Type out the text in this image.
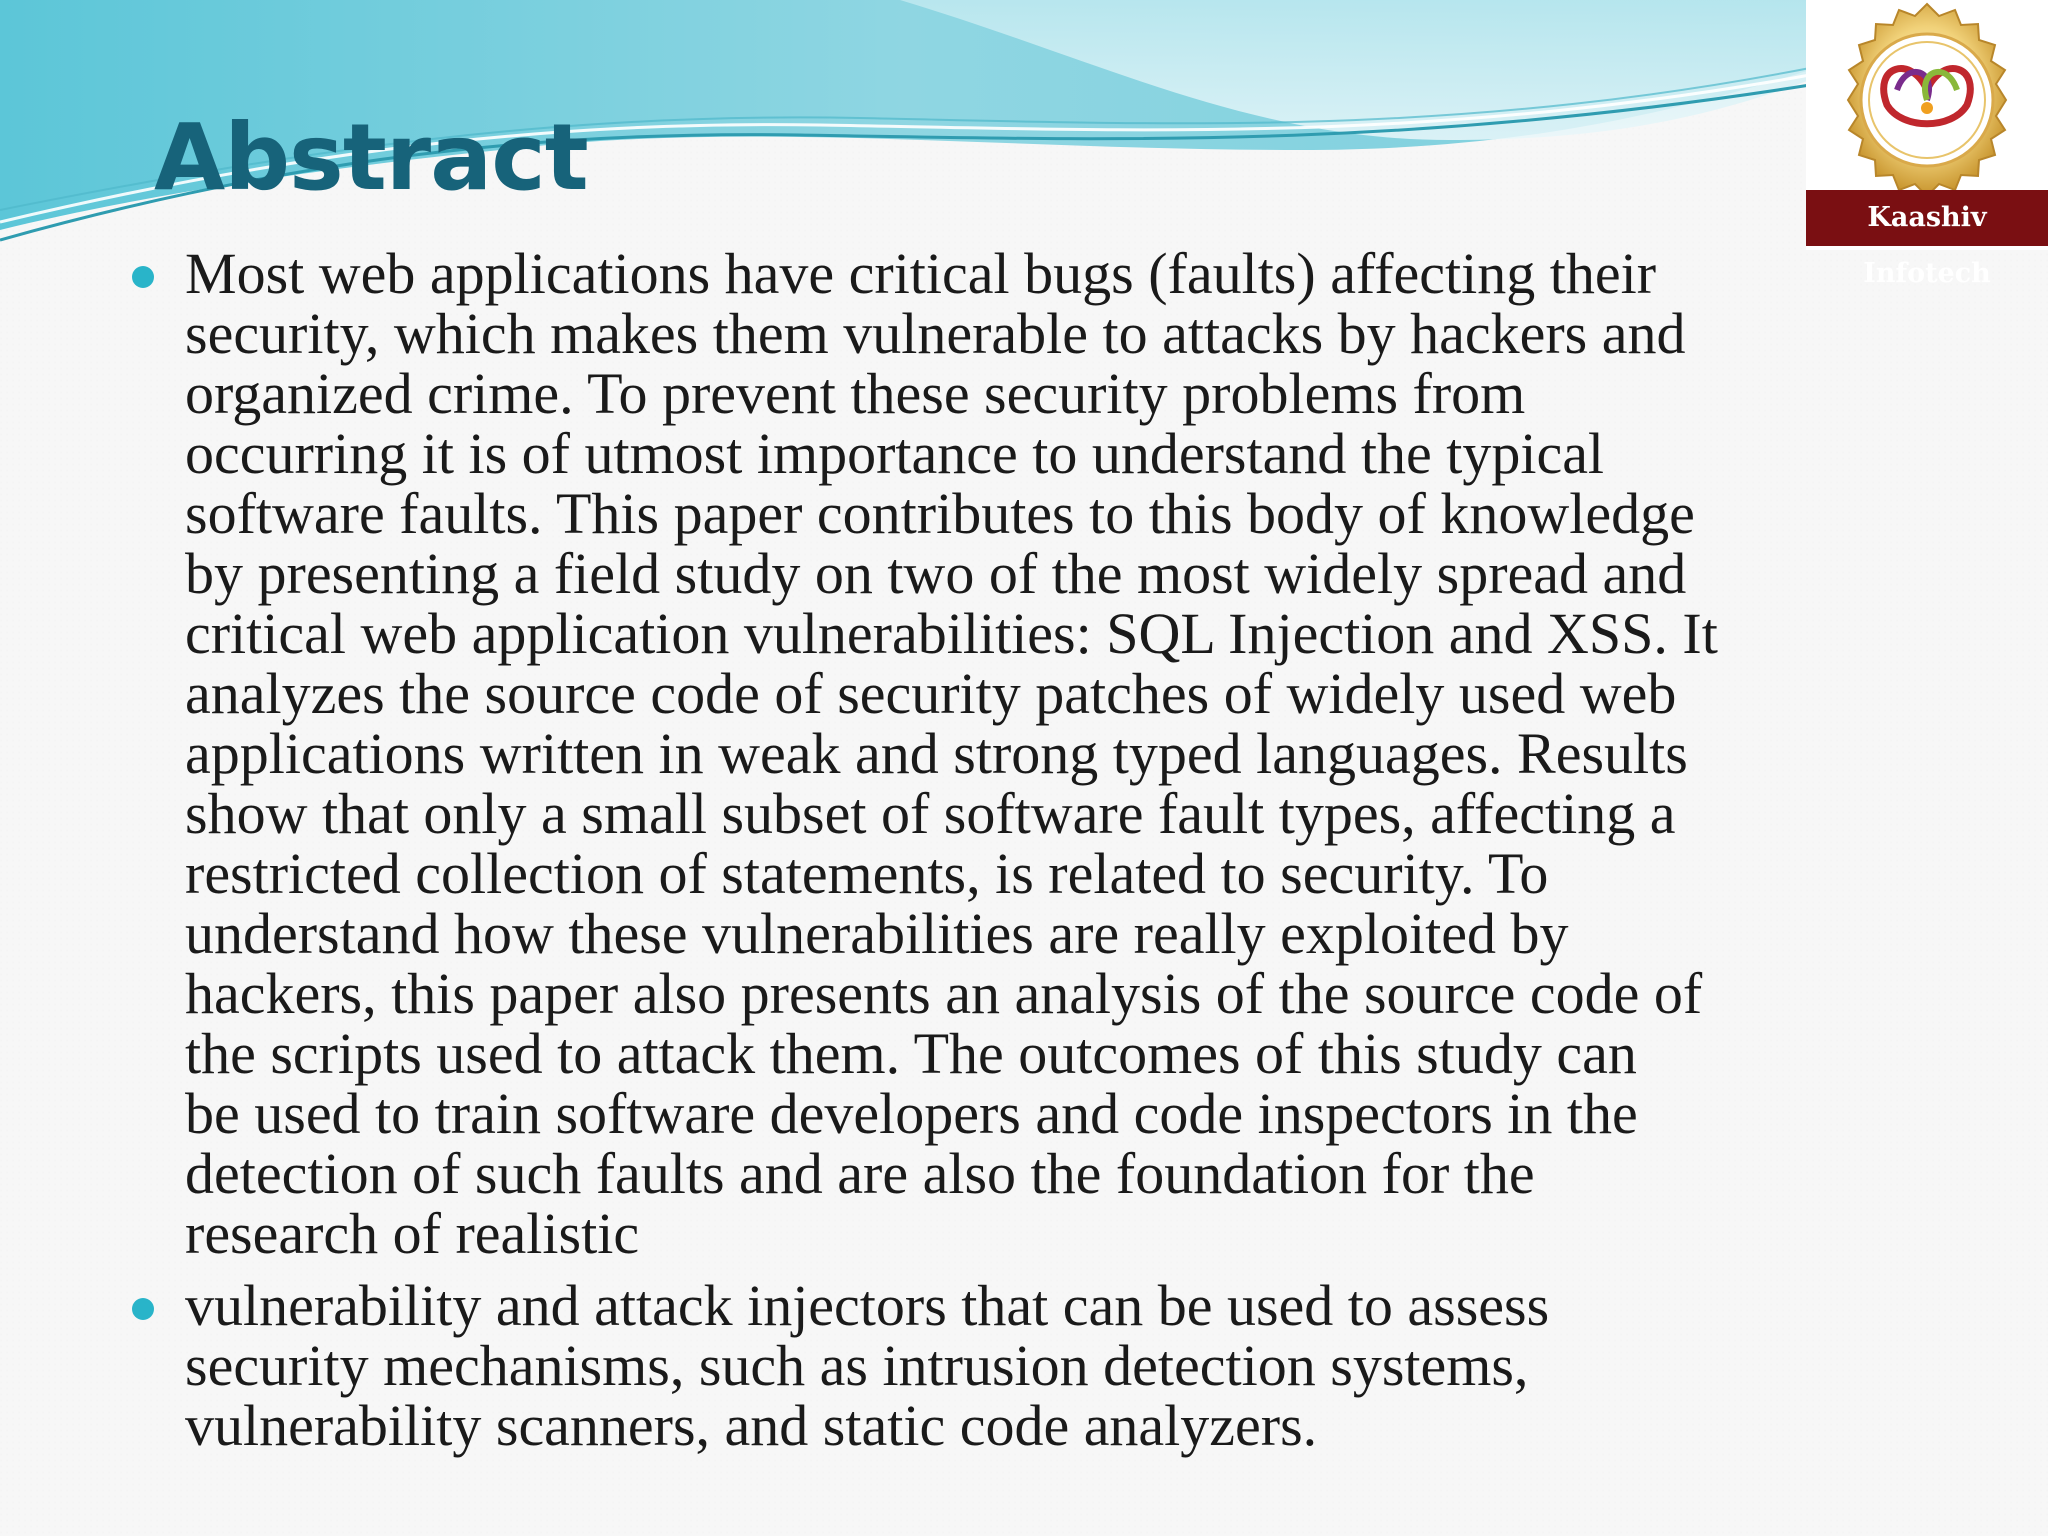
Abstract
Kaashiv Infotech
Most web applications have critical bugs (faults) affecting their
security, which makes them vulnerable to attacks by hackers and
organized crime. To prevent these security problems from
occurring it is of utmost importance to understand the typical
software faults. This paper contributes to this body of knowledge
by presenting a field study on two of the most widely spread and
critical web application vulnerabilities: SQL Injection and XSS. It
analyzes the source code of security patches of widely used web
applications written in weak and strong typed languages. Results
show that only a small subset of software fault types, affecting a
restricted collection of statements, is related to security. To
understand how these vulnerabilities are really exploited by
hackers, this paper also presents an analysis of the source code of
the scripts used to attack them. The outcomes of this study can
be used to train software developers and code inspectors in the
detection of such faults and are also the foundation for the
research of realistic
vulnerability and attack injectors that can be used to assess
security mechanisms, such as intrusion detection systems,
vulnerability scanners, and static code analyzers.
